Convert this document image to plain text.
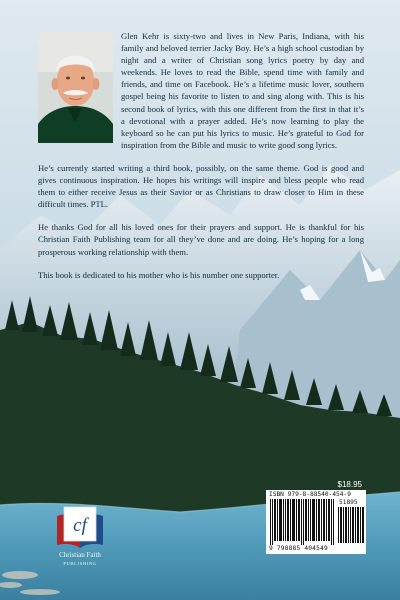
Glen Kehr is sixty-two and lives in New Paris, Indiana, with his family and beloved terrier Jacky Boy. He’s a high school custodian by night and a writer of Christian song lyrics poetry by day and weekends. He loves to read the Bible, spend time with family and friends, and time on Facebook. He’s a lifetime music lover, southern gospel being his favorite to listen to and sing along with. This is his second book of lyrics, with this one different from the first in that it’s a devotional with a prayer added. He’s now learning to play the keyboard so he can put his lyrics to music. He’s grateful to God for inspiration from the Bible and music to write good song lyrics.

He’s currently started writing a third book, possibly, on the same theme. God is good and gives continuous inspiration. He hopes his writings will inspire and bless people who read them to either receive Jesus as their Savior or as Christians to draw closer to Him in these difficult times. PTL.

He thanks God for all his loved ones for their prayers and support. He is thankful for his Christian Faith Publishing team for all they’ve done and are doing. He’s hoping for a long prosperous working relationship with them.

This book is dedicated to his mother who is his number one supporter.

$18.95
ISBN 979-8-88540-454-9
51895
9 798885 404549
cf
Christian Faith
PUBLISHING
